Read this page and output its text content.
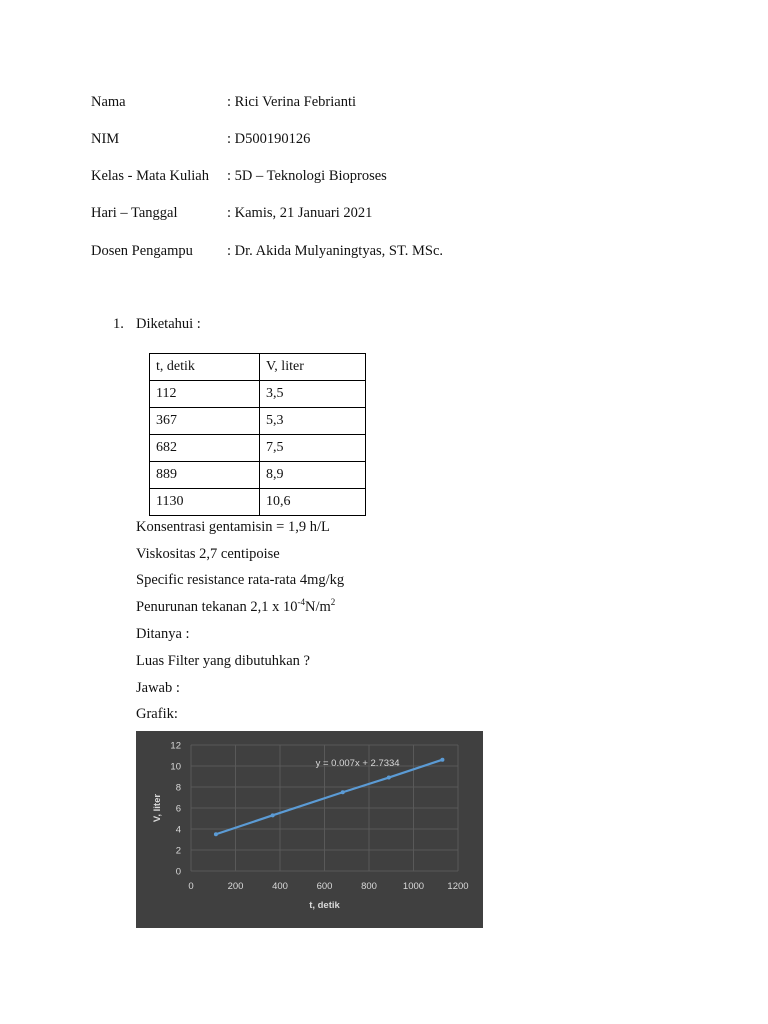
Nama	: Rici Verina Febrianti
NIM	: D500190126
Kelas - Mata Kuliah : 5D – Teknologi Bioproses
Hari – Tanggal	: Kamis, 21 Januari 2021
Dosen Pengampu : Dr. Akida Mulyaningtyas, ST. MSc.
1. Diketahui :
t, detik	V, liter
112	3,5
367	5,3
682	7,5
889	8,9
1130	10,6
Konsentrasi gentamisin = 1,9 h/L
Viskositas 2,7 centipoise
Specific resistance rata-rata 4mg/kg
Penurunan tekanan 2,1 x $10^{-4}N/m^2$
Ditanya :
Luas Filter yang dibutuhkan ?
Jawab :
Grafik:
0	200	400	600	800	1000 1200
0
2
4
6
8
10
12
y = 0.007x + 2.7334
t, detik
V, liter
